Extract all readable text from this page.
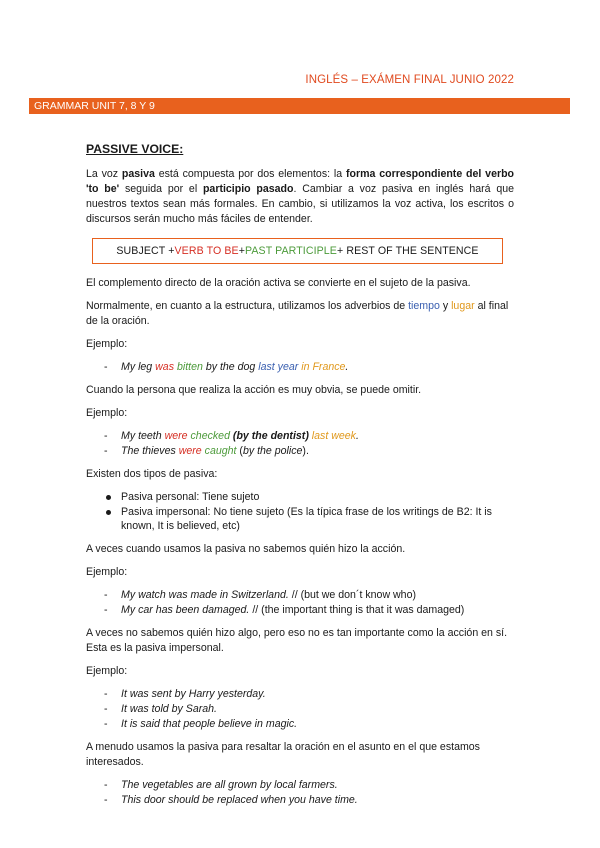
INGLÉS – EXÁMEN FINAL JUNIO 2022
GRAMMAR UNIT 7, 8 Y 9
PASSIVE VOICE:

La voz pasiva está compuesta por dos elementos: la forma correspondiente del verbo 'to be' seguida por el participio pasado. Cambiar a voz pasiva en inglés hará que nuestros textos sean más formales. En cambio, si utilizamos la voz activa, los escritos o discursos serán mucho más fáciles de entender.

SUBJECT + VERB TO BE + PAST PARTICIPLE + REST OF THE SENTENCE

El complemento directo de la oración activa se convierte en el sujeto de la pasiva.

Normalmente, en cuanto a la estructura, utilizamos los adverbios de tiempo y lugar al final de la oración.

Ejemplo:

- My leg was bitten by the dog last year in France.

Cuando la persona que realiza la acción es muy obvia, se puede omitir.

Ejemplo:

- My teeth were checked (by the dentist) last week.
- The thieves were caught (by the police).

Existen dos tipos de pasiva:

Pasiva personal: Tiene sujeto
Pasiva impersonal: No tiene sujeto (Es la típica frase de los writings de B2: It is known, It is believed, etc)

A veces cuando usamos la pasiva no sabemos quién hizo la acción.

Ejemplo:

- My watch was made in Switzerland. // (but we don´t know who)
- My car has been damaged. // (the important thing is that it was damaged)

A veces no sabemos quién hizo algo, pero eso no es tan importante como la acción en sí. Esta es la pasiva impersonal.

Ejemplo:

- It was sent by Harry yesterday.
- It was told by Sarah.
- It is said that people believe in magic.

A menudo usamos la pasiva para resaltar la oración en el asunto en el que estamos interesados.

- The vegetables are all grown by local farmers.
- This door should be replaced when you have time.
